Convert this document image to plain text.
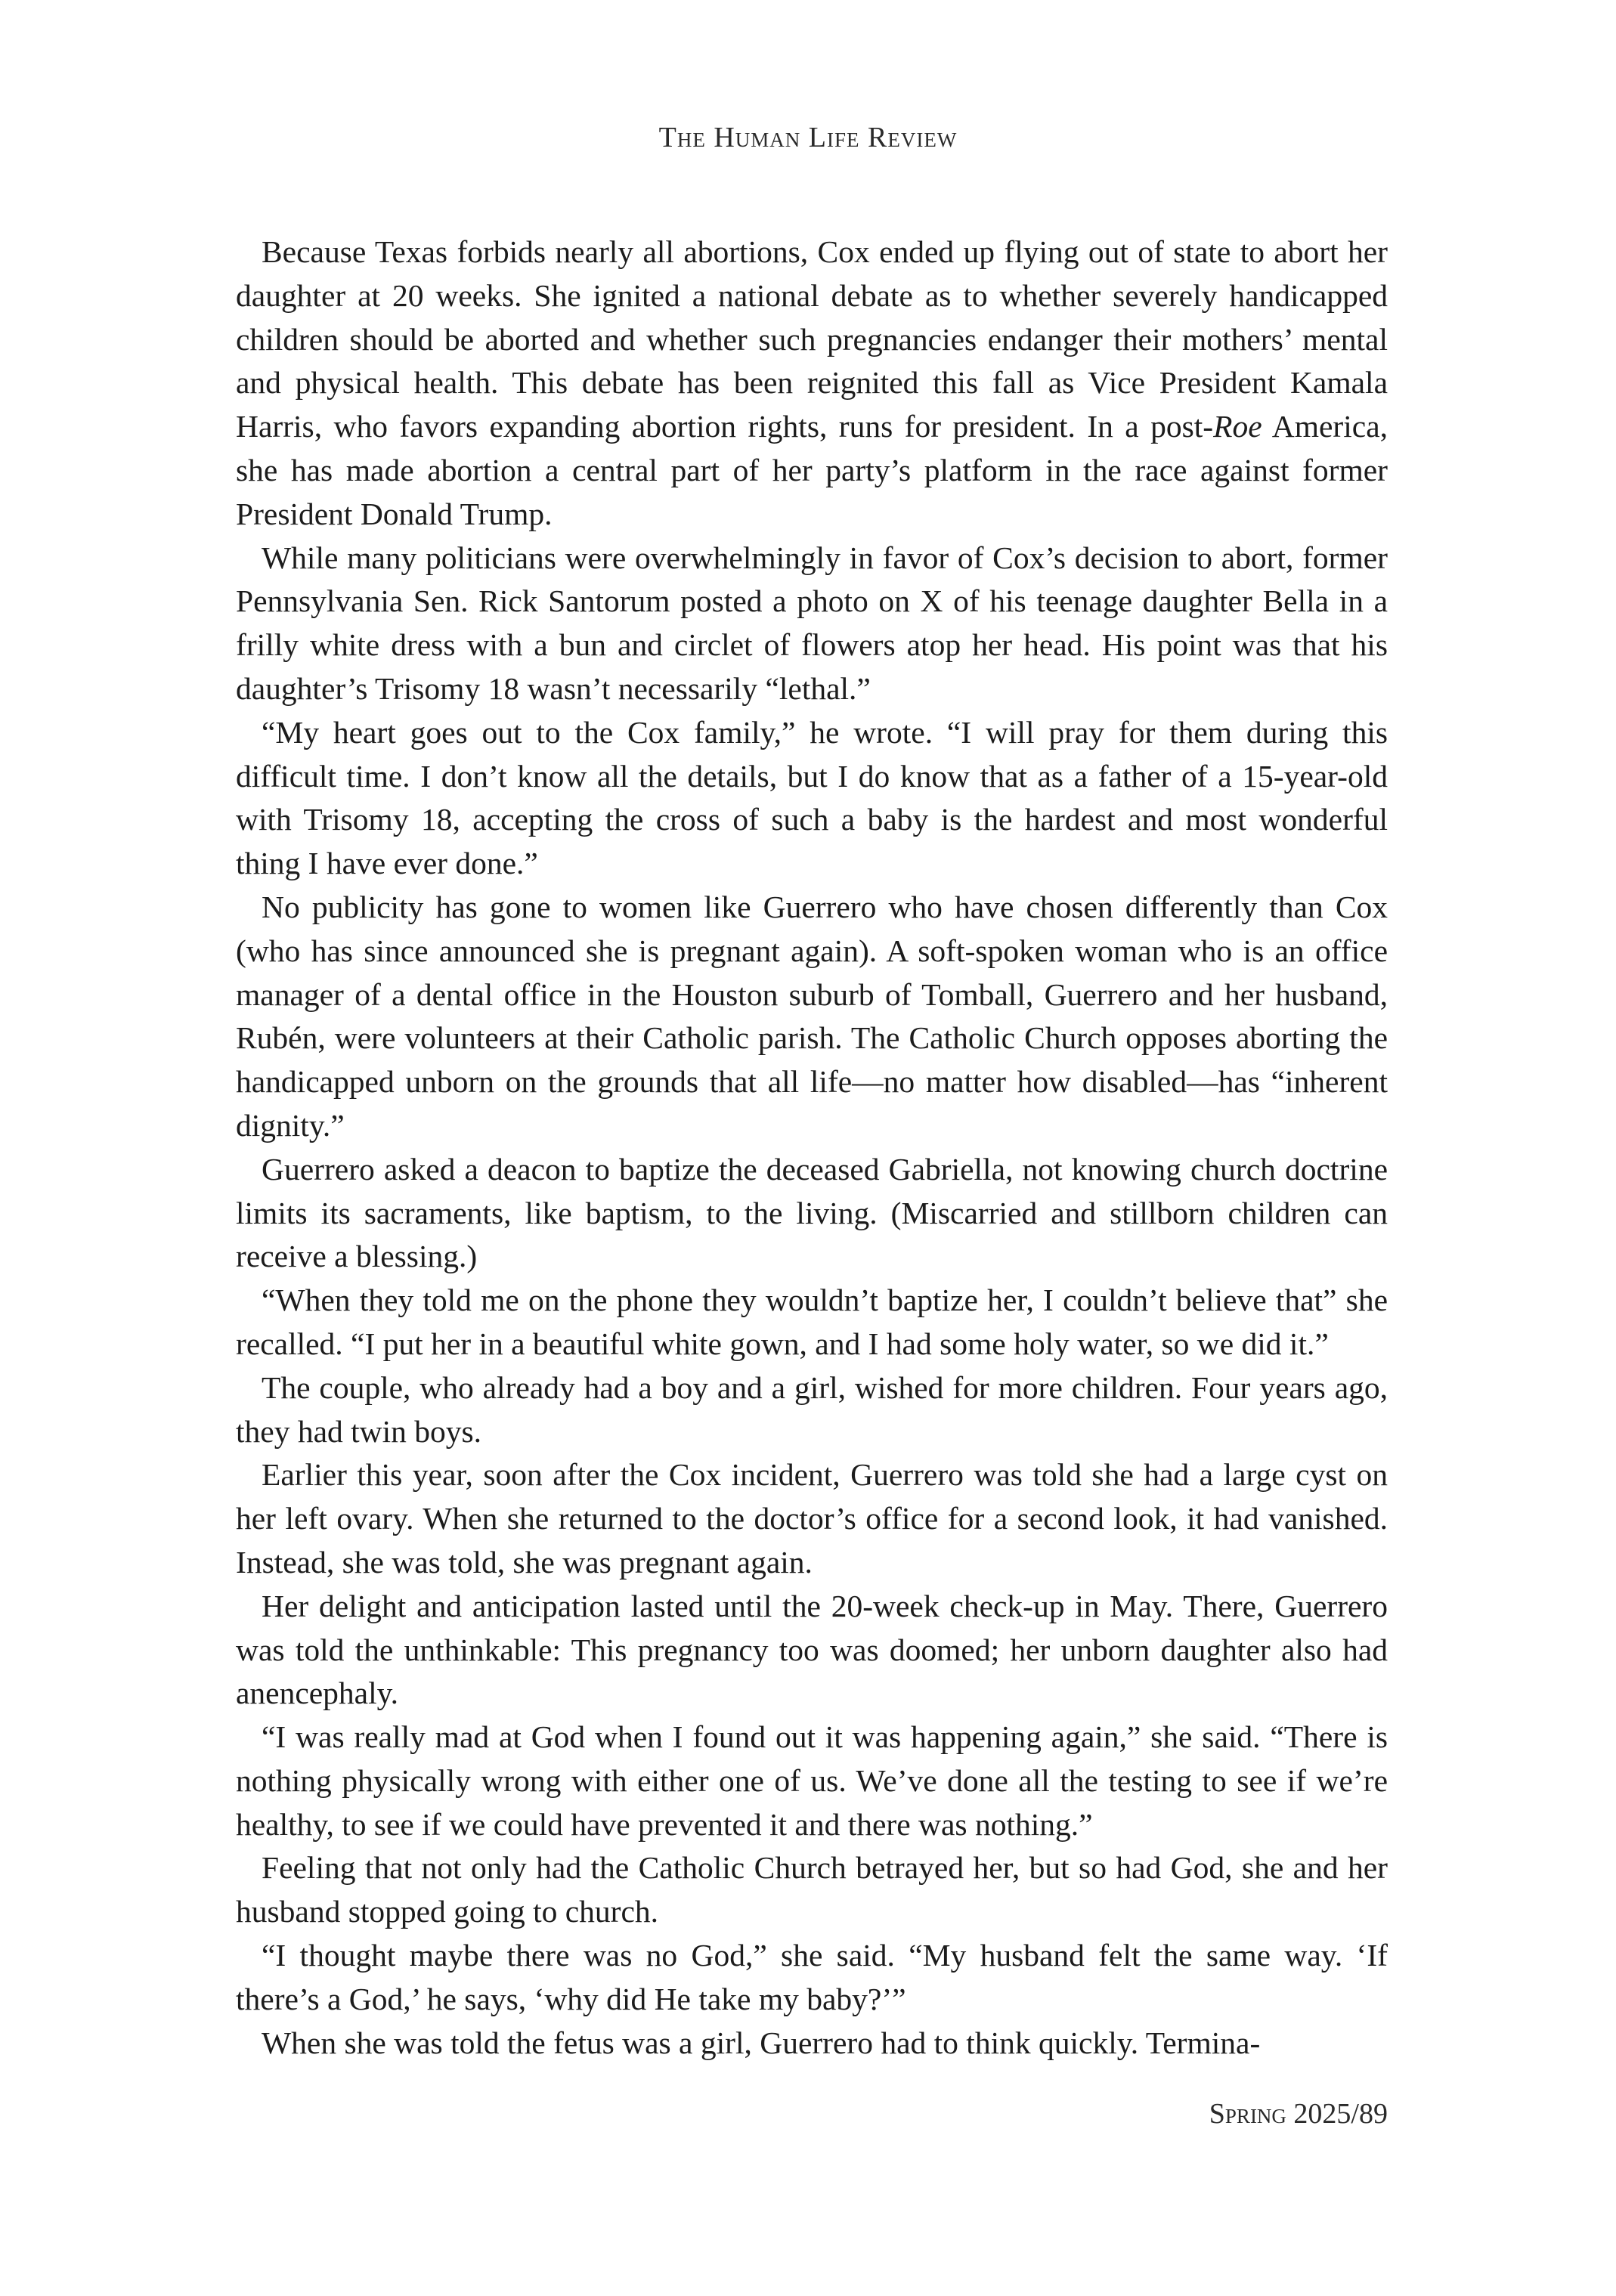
The Human Life Review

Because Texas forbids nearly all abortions, Cox ended up flying out of state to abort her daughter at 20 weeks. She ignited a national debate as to whether severely handicapped children should be aborted and whether such pregnancies endanger their mothers’ mental and physical health. This debate has been reignited this fall as Vice President Kamala Harris, who favors expanding abortion rights, runs for president. In a post-Roe America, she has made abortion a central part of her party’s platform in the race against former President Donald Trump.

While many politicians were overwhelmingly in favor of Cox’s decision to abort, former Pennsylvania Sen. Rick Santorum posted a photo on X of his teenage daughter Bella in a frilly white dress with a bun and circlet of flowers atop her head. His point was that his daughter’s Trisomy 18 wasn’t necessarily “lethal.”

“My heart goes out to the Cox family,” he wrote. “I will pray for them during this difficult time. I don’t know all the details, but I do know that as a father of a 15-year-old with Trisomy 18, accepting the cross of such a baby is the hardest and most wonderful thing I have ever done.”

No publicity has gone to women like Guerrero who have chosen differently than Cox (who has since announced she is pregnant again). A soft-spoken woman who is an office manager of a dental office in the Houston suburb of Tomball, Guerrero and her husband, Rubén, were volunteers at their Catholic parish. The Catholic Church opposes aborting the handicapped unborn on the grounds that all life—no matter how disabled—has “inherent dignity.”

Guerrero asked a deacon to baptize the deceased Gabriella, not knowing church doctrine limits its sacraments, like baptism, to the living. (Miscarried and stillborn children can receive a blessing.)

“When they told me on the phone they wouldn’t baptize her, I couldn’t believe that” she recalled. “I put her in a beautiful white gown, and I had some holy water, so we did it.”

The couple, who already had a boy and a girl, wished for more children. Four years ago, they had twin boys.

Earlier this year, soon after the Cox incident, Guerrero was told she had a large cyst on her left ovary. When she returned to the doctor’s office for a second look, it had vanished. Instead, she was told, she was pregnant again.

Her delight and anticipation lasted until the 20-week check-up in May. There, Guerrero was told the unthinkable: This pregnancy too was doomed; her unborn daughter also had anencephaly.

“I was really mad at God when I found out it was happening again,” she said. “There is nothing physically wrong with either one of us. We’ve done all the testing to see if we’re healthy, to see if we could have prevented it and there was nothing.”

Feeling that not only had the Catholic Church betrayed her, but so had God, she and her husband stopped going to church.

“I thought maybe there was no God,” she said. “My husband felt the same way. ‘If there’s a God,’ he says, ‘why did He take my baby?’”

When she was told the fetus was a girl, Guerrero had to think quickly. Termina-

Spring 2025/89
